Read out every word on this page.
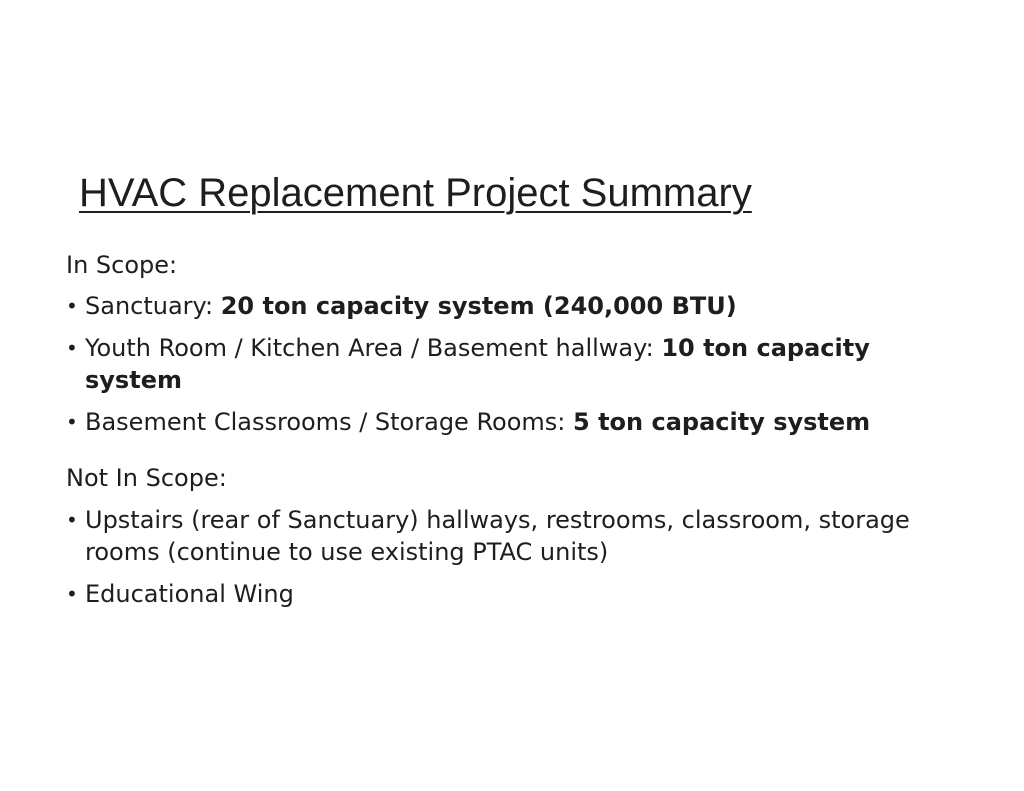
HVAC Replacement Project Summary

In Scope:

• Sanctuary: 20 ton capacity system (240,000 BTU)
• Youth Room / Kitchen Area / Basement hallway: 10 ton capacity system
• Basement Classrooms / Storage Rooms: 5 ton capacity system

Not In Scope:

• Upstairs (rear of Sanctuary) hallways, restrooms, classroom, storage rooms (continue to use existing PTAC units)
• Educational Wing
